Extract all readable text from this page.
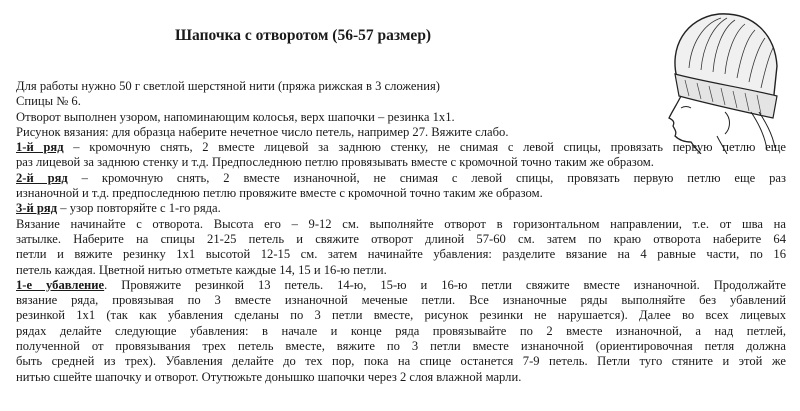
Шапочка с отворотом (56-57 размер)
Для работы нужно 50 г светлой шерстяной нити (пряжа рижская в 3 сложения)
Спицы № 6.
Отворот выполнен узором, напоминающим колосья, верх шапочки – резинка 1х1.
Рисунок вязания: для образца наберите нечетное число петель, например 27. Вяжите слабо.
1-й ряд – кромочную снять, 2 вместе лицевой за заднюю стенку, не снимая с левой спицы, провязать первую петлю еще
раз лицевой за заднюю стенку и т.д. Предпоследнюю петлю провязывать вместе с кромочной точно таким же образом.
2-й ряд – кромочную снять, 2 вместе изнаночной, не снимая с левой спицы, провязать первую петлю еще раз
изнаночной и т.д. предпоследнюю петлю провяжите вместе с кромочной точно таким же образом.
3-й ряд – узор повторяйте с 1-го ряда.
Вязание начинайте с отворота. Высота его – 9-12 см. выполняйте отворот в горизонтальном направлении, т.е. от шва на
затылке. Наберите на спицы 21-25 петель и свяжите отворот длиной 57-60 см. затем по краю отворота наберите 64
петли и вяжите резинку 1х1 высотой 12-15 см. затем начинайте убавления: разделите вязание на 4 равные части, по 16
петель каждая. Цветной нитью отметьте каждые 14, 15 и 16-ю петли.
1-е убавление. Провяжите резинкой 13 петель. 14-ю, 15-ю и 16-ю петли свяжите вместе изнаночной. Продолжайте
вязание ряда, провязывая по 3 вместе изнаночной меченые петли. Все изнаночные ряды выполняйте без убавлений
резинкой 1х1 (так как убавления сделаны по 3 петли вместе, рисунок резинки не нарушается). Далее во всех лицевых
рядах делайте следующие убавления: в начале и конце ряда провязывайте по 2 вместе изнаночной, а над петлей,
полученной от провязывания трех петель вместе, вяжите по 3 петли вместе изнаночной (ориентировочная петля должна
быть средней из трех). Убавления делайте до тех пор, пока на спице останется 7-9 петель. Петли туго стяните и этой же
нитью сшейте шапочку и отворот. Отутюжьте донышко шапочки через 2 слоя влажной марли.
